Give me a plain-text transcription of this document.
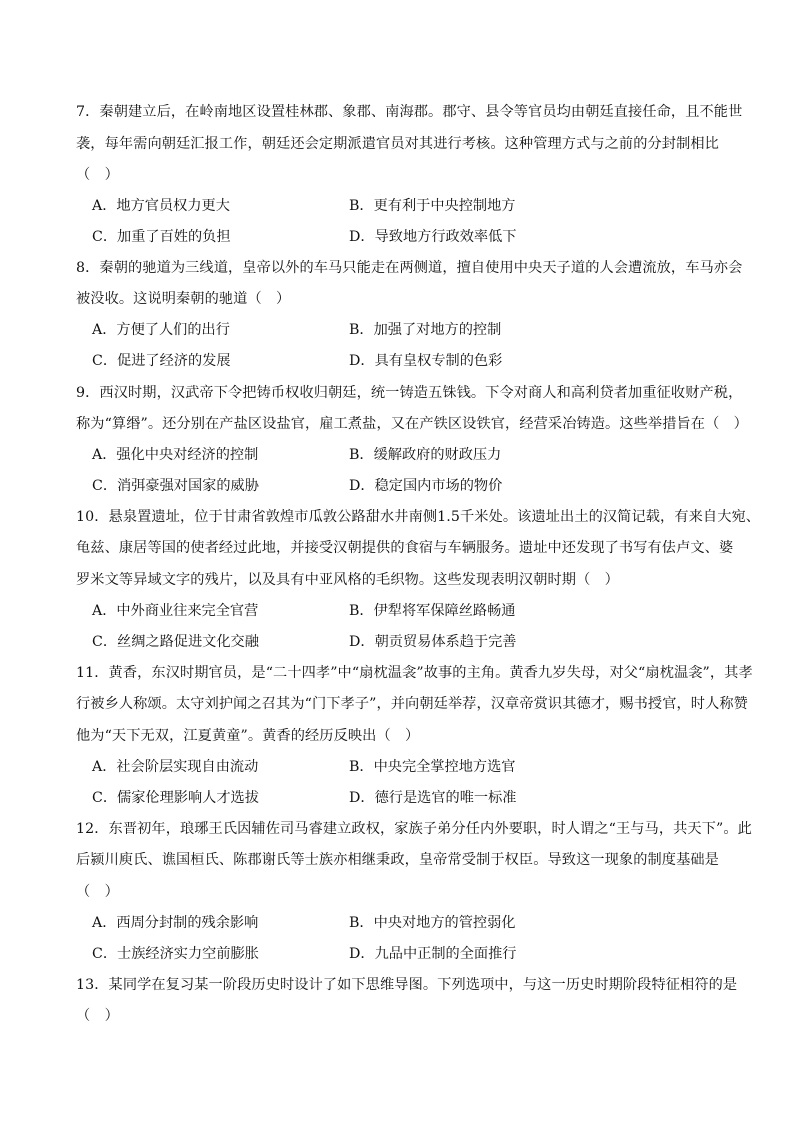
7．秦朝建立后，在岭南地区设置桂林郡、象郡、南海郡。郡守、县令等官员均由朝廷直接任命，且不能世
袭，每年需向朝廷汇报工作，朝廷还会定期派遣官员对其进行考核。这种管理方式与之前的分封制相比
（　）
A．地方官员权力更大	B．更有利于中央控制地方
C．加重了百姓的负担	D．导致地方行政效率低下
8．秦朝的驰道为三线道，皇帝以外的车马只能走在两侧道，擅自使用中央天子道的人会遭流放，车马亦会
被没收。这说明秦朝的驰道（　）
A．方便了人们的出行	B．加强了对地方的控制
C．促进了经济的发展	D．具有皇权专制的色彩
9．西汉时期，汉武帝下令把铸币权收归朝廷，统一铸造五铢钱。下令对商人和高利贷者加重征收财产税，
称为“算缗”。还分别在产盐区设盐官，雇工煮盐，又在产铁区设铁官，经营采冶铸造。这些举措旨在（　）
A．强化中央对经济的控制	B．缓解政府的财政压力
C．消弭豪强对国家的威胁	D．稳定国内市场的物价
10．悬泉置遗址，位于甘肃省敦煌市瓜敦公路甜水井南侧1.5千米处。该遗址出土的汉简记载，有来自大宛、
龟兹、康居等国的使者经过此地，并接受汉朝提供的食宿与车辆服务。遗址中还发现了书写有佉卢文、婆
罗米文等异域文字的残片，以及具有中亚风格的毛织物。这些发现表明汉朝时期（　）
A．中外商业往来完全官营	B．伊犁将军保障丝路畅通
C．丝绸之路促进文化交融	D．朝贡贸易体系趋于完善
11．黄香，东汉时期官员，是“二十四孝”中“扇枕温衾”故事的主角。黄香九岁失母，对父“扇枕温衾”，其孝
行被乡人称颂。太守刘护闻之召其为“门下孝子”，并向朝廷举荐，汉章帝赏识其德才，赐书授官，时人称赞
他为“天下无双，江夏黄童”。黄香的经历反映出（　）
A．社会阶层实现自由流动	B．中央完全掌控地方选官
C．儒家伦理影响人才选拔	D．德行是选官的唯一标准
12．东晋初年，琅琊王氏因辅佐司马睿建立政权，家族子弟分任内外要职，时人谓之“王与马，共天下”。此
后颍川庾氏、谯国桓氏、陈郡谢氏等士族亦相继秉政，皇帝常受制于权臣。导致这一现象的制度基础是
（　）
A．西周分封制的残余影响	B．中央对地方的管控弱化
C．士族经济实力空前膨胀	D．九品中正制的全面推行
13．某同学在复习某一阶段历史时设计了如下思维导图。下列选项中，与这一历史时期阶段特征相符的是
（　）
